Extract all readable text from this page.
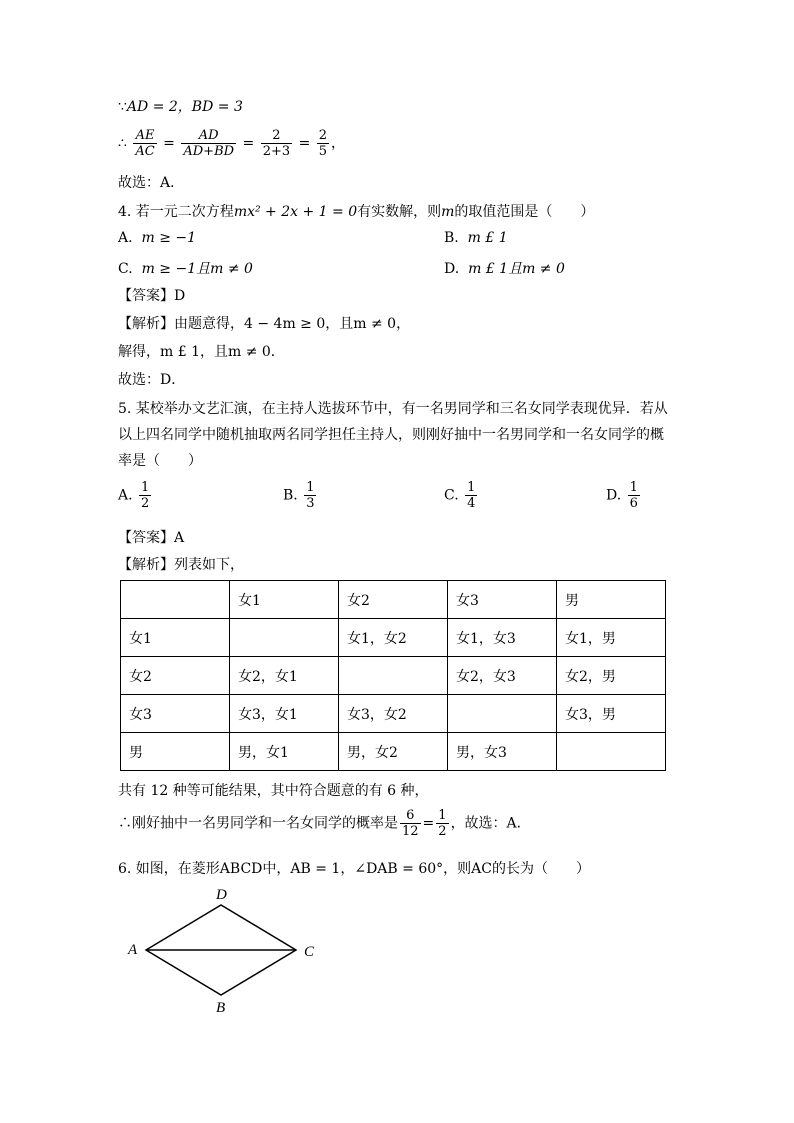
∵AD = 2，BD = 3
∴ $\frac{AE}{AC} = \frac{AD}{AD+BD} = \frac{2}{2+3} = \frac{2}{5}$ ，
故选：A．
4. 若一元二次方程mx² + 2x + 1 = 0有实数解，则m的取值范围是（　　）
A. m ≥ −1	B. m £ 1
C. m ≥ −1且m ≠ 0	D. m £ 1且m ≠ 0
【答案】D
【解析】由题意得，4 − 4m ≥ 0，且m ≠ 0，
解得，m £ 1，且m ≠ 0．
故选：D．
5. 某校举办文艺汇演，在主持人选拔环节中，有一名男同学和三名女同学表现优异．若从
以上四名同学中随机抽取两名同学担任主持人，则刚好抽中一名男同学和一名女同学的概
率是（　　）
A. $\frac{1}{2}$	B. $\frac{1}{3}$	C. $\frac{1}{4}$	D. $\frac{1}{6}$
【答案】A
【解析】列表如下，
	女1	女2	女3	男
女1		女1，女2	女1，女3	女1，男
女2	女2，女1		女2，女3	女2，男
女3	女3，女1	女3，女2		女3，男
男	男，女1	男，女2	男，女3	
共有 12 种等可能结果，其中符合题意的有 6 种，
∴刚好抽中一名男同学和一名女同学的概率是 $\frac{6}{12} = \frac{1}{2}$ ，故选：A．
6. 如图，在菱形ABCD中，AB = 1，∠DAB = 60°，则AC的长为（　　）
A
D
C
B
